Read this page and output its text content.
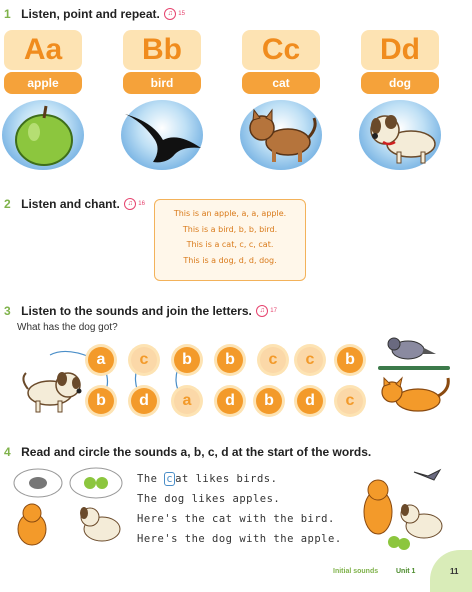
1 Listen, point and repeat. ♫ 15
Aa
apple
Bb
bird
Cc
cat
Dd
dog
2 Listen and chant. ♫ 16
This is an apple, a, a, apple.
This is a bird, b, b, bird.
This is a cat, c, c, cat.
This is a dog, d, d, dog.
3 Listen to the sounds and join the letters. ♫ 17
What has the dog got?
a	c	b	b	c	c	b
b	d	a	d	b	d	c
4 Read and circle the sounds a, b, c, d at the start of the words.
The c at likes birds.
The dog likes apples.
Here's the cat with the bird.
Here's the dog with the apple.
Initial sounds	Unit 1	11
